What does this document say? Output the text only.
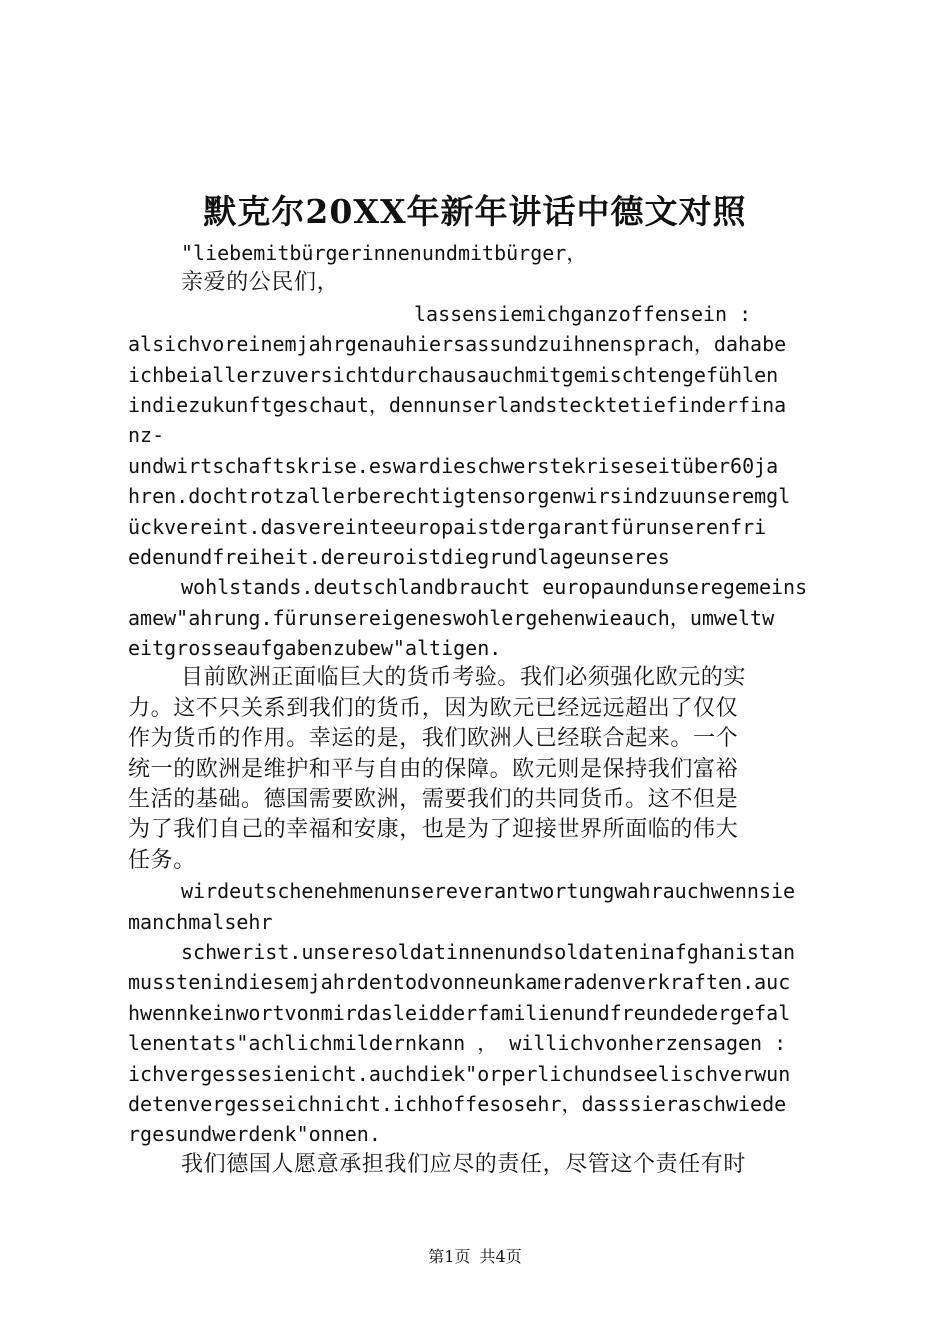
默克尔20XX年新年讲话中德文对照
"liebemitbürgerinnenundmitbürger，
亲爱的公民们，
lassensiemichganzoffensein :
alsichvoreinemjahrgenauhiersassundzuihnensprach，dahabe
ichbeiallerzuversichtdurchausauchmitgemischtengefühlen
indiezukunftgeschaut，dennunserlandstecktetiefinderfina
nz-
undwirtschaftskrise.eswardieschwerstekriseseitüber60ja
hren.dochtrotzallerberechtigtensorgenwirsindzuunseremgl
ückvereint.dasvereinteeuropaistdergarantfürunserenfri
edenundfreiheit.dereuroistdiegrundlageunseres
wohlstands.deutschlandbraucht europaundunseregemeins
amew"ahrung.fürunsereigeneswohlergehenwieauch，umweltw
eitgrosseaufgabenzubew"altigen.
目前欧洲正面临巨大的货币考验。我们必须强化欧元的实
力。这不只关系到我们的货币，因为欧元已经远远超出了仅仅
作为货币的作用。幸运的是，我们欧洲人已经联合起来。一个
统一的欧洲是维护和平与自由的保障。欧元则是保持我们富裕
生活的基础。德国需要欧洲，需要我们的共同货币。这不但是
为了我们自己的幸福和安康，也是为了迎接世界所面临的伟大
任务。
wirdeutschenehmenunsereverantwortungwahrauchwennsie
manchmalsehr
schwerist.unseresoldatinnenundsoldateninafghanistan
musstenindiesemjahrdentodvonneunkameradenverkraften.auc
hwennkeinwortvonmirdasleidderfamilienundfreundedergefal
lenentats"achlichmildernkann ， willichvonherzensagen :
ichvergessesienicht.auchdiek"orperlichundseelischverwun
detenvergesseichnicht.ichhoffesosehr，dasssieraschwiede
rgesundwerdenk"onnen.
我们德国人愿意承担我们应尽的责任，尽管这个责任有时
第1页 共4页
